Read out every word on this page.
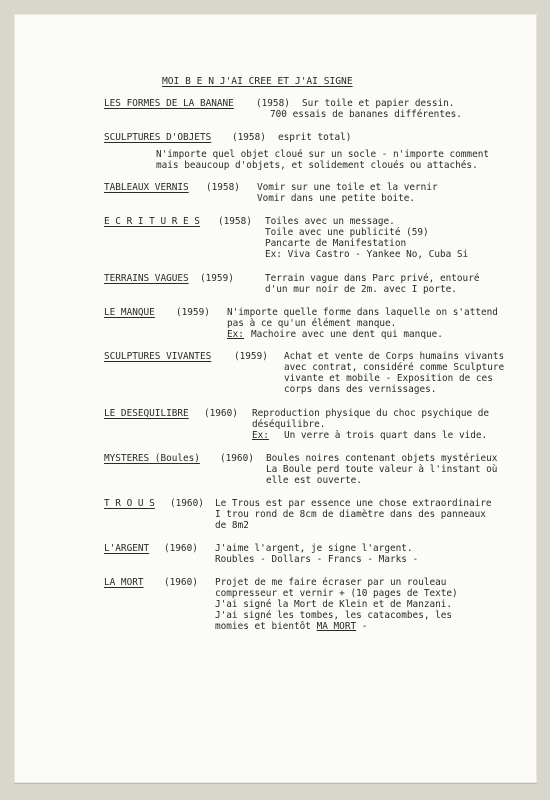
MOI B E N J'AI CREE ET J'AI SIGNE

LES FORMES DE LA BANANE

(1958)

Sur toile et papier dessin.

700 essais de bananes différentes.

SCULPTURES D'OBJETS

(1958)

esprit total)

N'importe quel objet cloué sur un socle - n'importe comment

mais beaucoup d'objets, et solidement cloués ou attachés.

TABLEAUX VERNIS

(1958)

Vomir sur une toile et la vernir

Vomir dans une petite boite.

E C R I T U R E S

(1958)

Toiles avec un message.

Toile avec une publicité (59)

Pancarte de Manifestation

Ex: Viva Castro - Yankee No, Cuba Si

TERRAINS VAGUES

(1959)

	Terrain vague dans Parc privé, entouré

d'un mur noir de 2m. avec I porte.

LE MANQUE

(1959)

N'importe quelle forme dans laquelle on s'attend

pas à ce qu'un élément manque.

Ex:

Machoire avec une dent qui manque.

SCULPTURES VIVANTES

(1959)

Achat et vente de Corps humains vivants

avec contrat, considéré comme Sculpture

vivante et mobile - Exposition de ces

corps dans des vernissages.

LE DESEQUILIBRE

(1960)

Reproduction physique du choc psychique de

déséquilibre.

Ex:

Un verre à trois quart dans le vide.

MYSTERES (Boules)

(1960)

Boules noires contenant objets mystérieux

La Boule perd toute valeur à l'instant où

elle est ouverte.

T R O U S

(1960)

Le Trous est par essence une chose extraordinaire

I trou rond de 8cm de diamètre dans des panneaux

de 8m2

L'ARGENT

(1960)

J'aime l'argent, je signe l'argent.

Roubles - Dollars - Francs - Marks -

LA MORT

(1960)

Projet de me faire écraser par un rouleau

compresseur et vernir + (10 pages de Texte)

J'ai signé la Mort de Klein et de Manzani.

J'ai signé les tombes, les catacombes, les

momies et bientôt MA MORT -
